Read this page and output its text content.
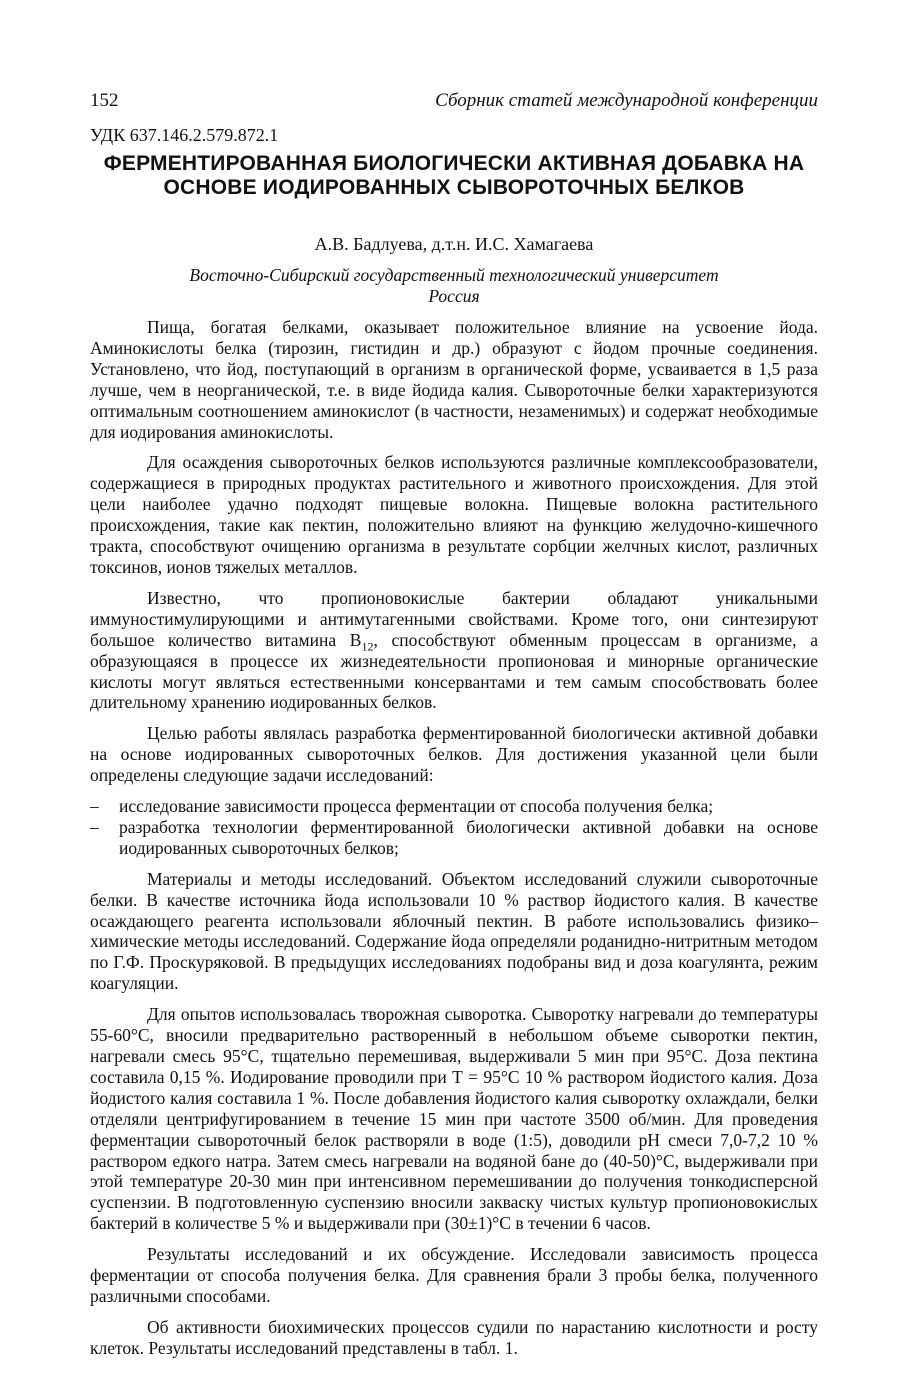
152	Сборник статей международной конференции
УДК 637.146.2.579.872.1
ФЕРМЕНТИРОВАННАЯ БИОЛОГИЧЕСКИ АКТИВНАЯ ДОБАВКА НА ОСНОВЕ ИОДИРОВАННЫХ СЫВОРОТОЧНЫХ БЕЛКОВ
А.В. Бадлуева, д.т.н. И.С. Хамагаева
Восточно-Сибирский государственный технологический университет
Россия

Пища, богатая белками, оказывает положительное влияние на усвоение йода. Аминокислоты белка (тирозин, гистидин и др.) образуют с йодом прочные соединения. Установлено, что йод, поступающий в организм в органической форме, усваивается в 1,5 раза лучше, чем в неорганической, т.е. в виде йодида калия. Сывороточные белки характеризуются оптимальным соотношением аминокислот (в частности, незаменимых) и содержат необходимые для иодирования аминокислоты.

Для осаждения сывороточных белков используются различные комплексообразователи, содержащиеся в природных продуктах растительного и животного происхождения. Для этой цели наиболее удачно подходят пищевые волокна. Пищевые волокна растительного происхождения, такие как пектин, положительно влияют на функцию желудочно-кишечного тракта, способствуют очищению организма в результате сорбции желчных кислот, различных токсинов, ионов тяжелых металлов.

Известно, что пропионовокислые бактерии обладают уникальными иммуностимулирующими и антимутагенными свойствами. Кроме того, они синтезируют большое количество витамина $В_{12}$, способствуют обменным процессам в организме, а образующаяся в процессе их жизнедеятельности пропионовая и минорные органические кислоты могут являться естественными консервантами и тем самым способствовать более длительному хранению иодированных белков.

Целью работы являлась разработка ферментированной биологически активной добавки на основе иодированных сывороточных белков. Для достижения указанной цели были определены следующие задачи исследований:

– исследование зависимости процесса ферментации от способа получения белка;
– разработка технологии ферментированной биологически активной добавки на основе иодированных сывороточных белков;

Материалы и методы исследований. Объектом исследований служили сывороточные белки. В качестве источника йода использовали 10 % раствор йодистого калия. В качестве осаждающего реагента использовали яблочный пектин. В работе использовались физико–химические методы исследований. Содержание йода определяли роданидно-нитритным методом по Г.Ф. Проскуряковой. В предыдущих исследованиях подобраны вид и доза коагулянта, режим коагуляции.

Для опытов использовалась творожная сыворотка. Сыворотку нагревали до температуры 55-60°С, вносили предварительно растворенный в небольшом объеме сыворотки пектин, нагревали смесь 95°С, тщательно перемешивая, выдерживали 5 мин при 95°С. Доза пектина составила 0,15 %. Иодирование проводили при Т = 95°С 10 % раствором йодистого калия. Доза йодистого калия составила 1 %. После добавления йодистого калия сыворотку охлаждали, белки отделяли центрифугированием в течение 15 мин при частоте 3500 об/мин. Для проведения ферментации сывороточный белок растворяли в воде (1:5), доводили рН смеси 7,0-7,2 10 % раствором едкого натра. Затем смесь нагревали на водяной бане до (40-50)°С, выдерживали при этой температуре 20-30 мин при интенсивном перемешивании до получения тонкодисперсной суспензии. В подготовленную суспензию вносили закваску чистых культур пропионовокислых бактерий в количестве 5 % и выдерживали при (30±1)°С в течении 6 часов.

Результаты исследований и их обсуждение. Исследовали зависимость процесса ферментации от способа получения белка. Для сравнения брали 3 пробы белка, полученного различными способами.

Об активности биохимических процессов судили по нарастанию кислотности и росту клеток. Результаты исследований представлены в табл. 1.
